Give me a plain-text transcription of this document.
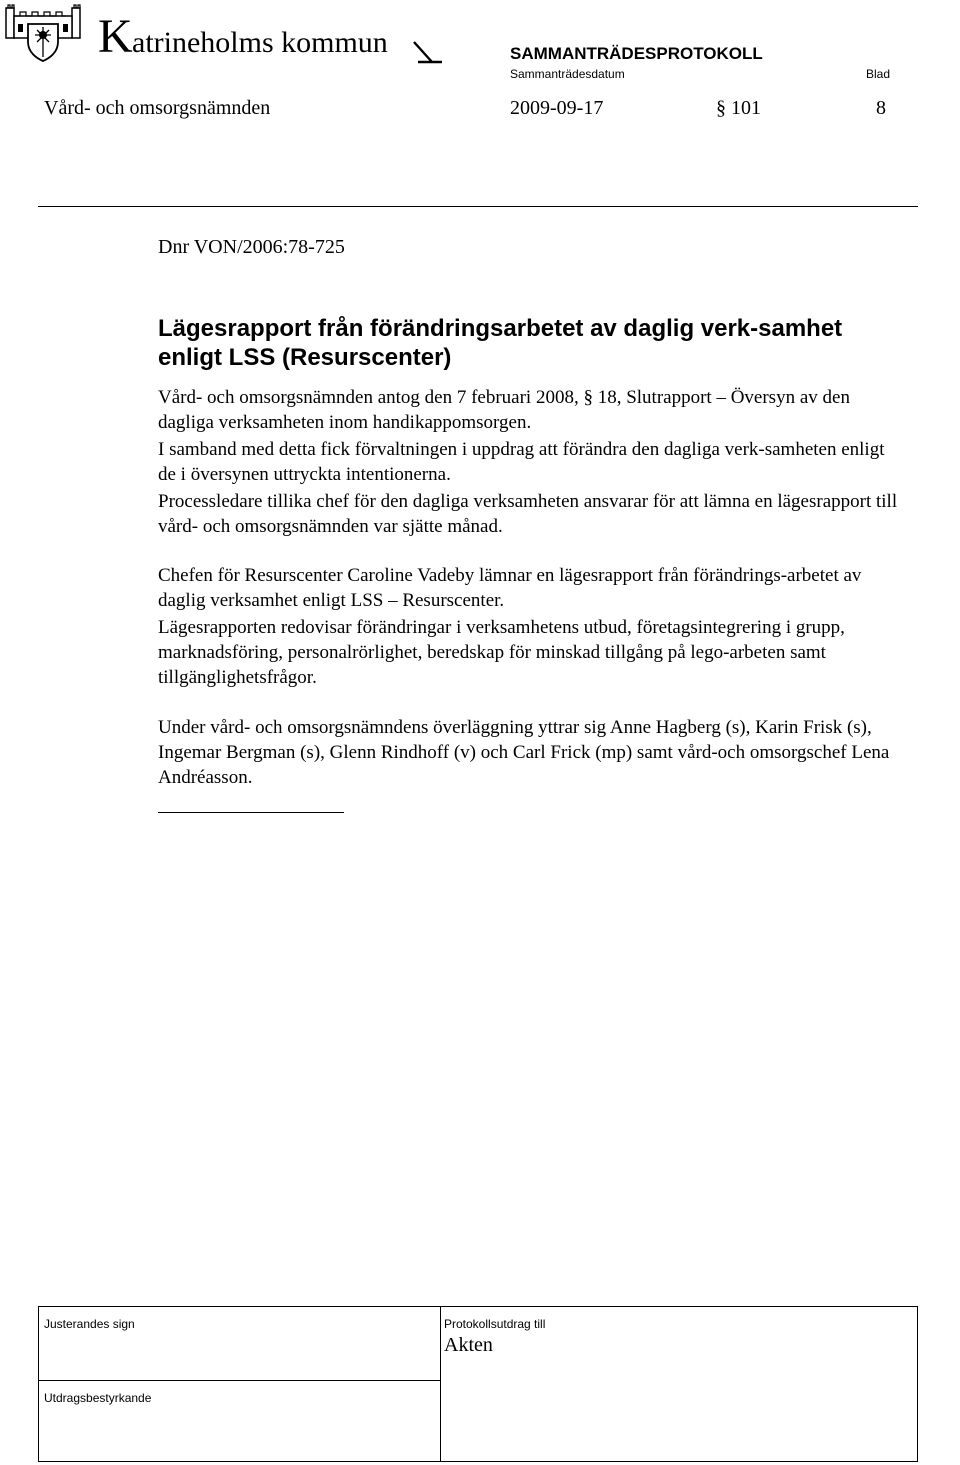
K atrineholms kommun	SAMMANTRÄDESPROTOKOLL
Sammanträdesdatum	Blad
Vård- och omsorgsnämnden	2009-09-17	§ 101	8
Dnr VON/2006:78-725
Lägesrapport från förändringsarbetet av daglig verk-samhet enligt LSS (Resurscenter)

Vård- och omsorgsnämnden antog den 7 februari 2008, § 18, Slutrapport – Översyn av den dagliga verksamheten inom handikappomsorgen.

I samband med detta fick förvaltningen i uppdrag att förändra den dagliga verk-samheten enligt de i översynen uttryckta intentionerna.

Processledare tillika chef för den dagliga verksamheten ansvarar för att lämna en lägesrapport till vård- och omsorgsnämnden var sjätte månad.

Chefen för Resurscenter Caroline Vadeby lämnar en lägesrapport från förändrings-arbetet av daglig verksamhet enligt LSS – Resurscenter.

Lägesrapporten redovisar förändringar i verksamhetens utbud, företagsintegrering i grupp, marknadsföring, personalrörlighet, beredskap för minskad tillgång på lego-arbeten samt tillgänglighetsfrågor.

Under vård- och omsorgsnämndens överläggning yttrar sig Anne Hagberg (s), Karin Frisk (s), Ingemar Bergman (s), Glenn Rindhoff (v) och Carl Frick (mp) samt vård-och omsorgschef Lena Andréasson.

Justerandes sign	Protokollsutdrag till
Akten
Utdragsbestyrkande
